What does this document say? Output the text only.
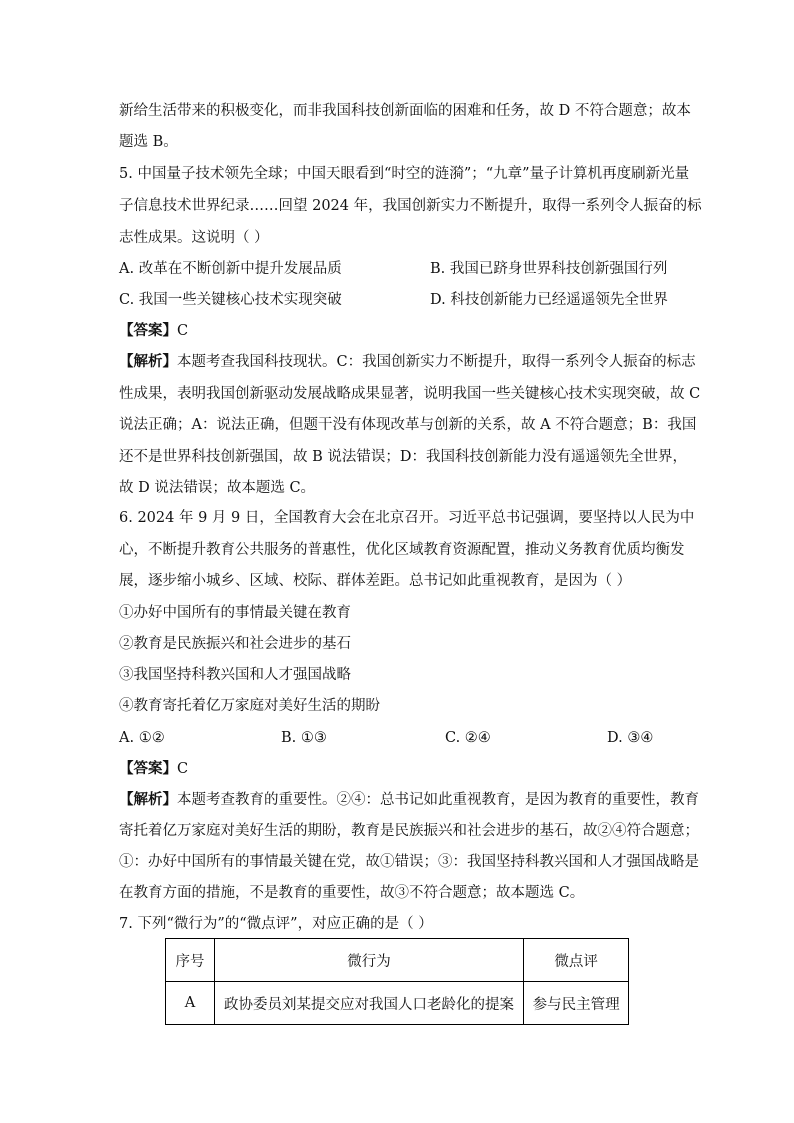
新给生活带来的积极变化，而非我国科技创新面临的困难和任务，故 D 不符合题意；故本
题选 B。
5. 中国量子技术领先全球；中国天眼看到“时空的涟漪”；“九章”量子计算机再度刷新光量
子信息技术世界纪录……回望 2024 年，我国创新实力不断提升，取得一系列令人振奋的标
志性成果。这说明（ ）
A. 改革在不断创新中提升发展品质	B. 我国已跻身世界科技创新强国行列
C. 我国一些关键核心技术实现突破	D. 科技创新能力已经遥遥领先全世界
【答案】C
【解析】本题考查我国科技现状。C：我国创新实力不断提升，取得一系列令人振奋的标志
性成果，表明我国创新驱动发展战略成果显著，说明我国一些关键核心技术实现突破，故 C
说法正确；A：说法正确，但题干没有体现改革与创新的关系，故 A 不符合题意；B：我国
还不是世界科技创新强国，故 B 说法错误；D：我国科技创新能力没有遥遥领先全世界，
故 D 说法错误；故本题选 C。
6. 2024 年 9 月 9 日，全国教育大会在北京召开。习近平总书记强调，要坚持以人民为中
心，不断提升教育公共服务的普惠性，优化区域教育资源配置，推动义务教育优质均衡发
展，逐步缩小城乡、区域、校际、群体差距。总书记如此重视教育，是因为（ ）
①办好中国所有的事情最关键在教育
②教育是民族振兴和社会进步的基石
③我国坚持科教兴国和人才强国战略
④教育寄托着亿万家庭对美好生活的期盼
A. ①②	B. ①③	C. ②④	D. ③④
【答案】C
【解析】本题考查教育的重要性。②④：总书记如此重视教育，是因为教育的重要性，教育
寄托着亿万家庭对美好生活的期盼，教育是民族振兴和社会进步的基石，故②④符合题意；
①：办好中国所有的事情最关键在党，故①错误；③：我国坚持科教兴国和人才强国战略是
在教育方面的措施，不是教育的重要性，故③不符合题意；故本题选 C。
7. 下列“微行为”的“微点评”，对应正确的是（ ）
序号	微行为	微点评
A	政协委员刘某提交应对我国人口老龄化的提案	参与民主管理
